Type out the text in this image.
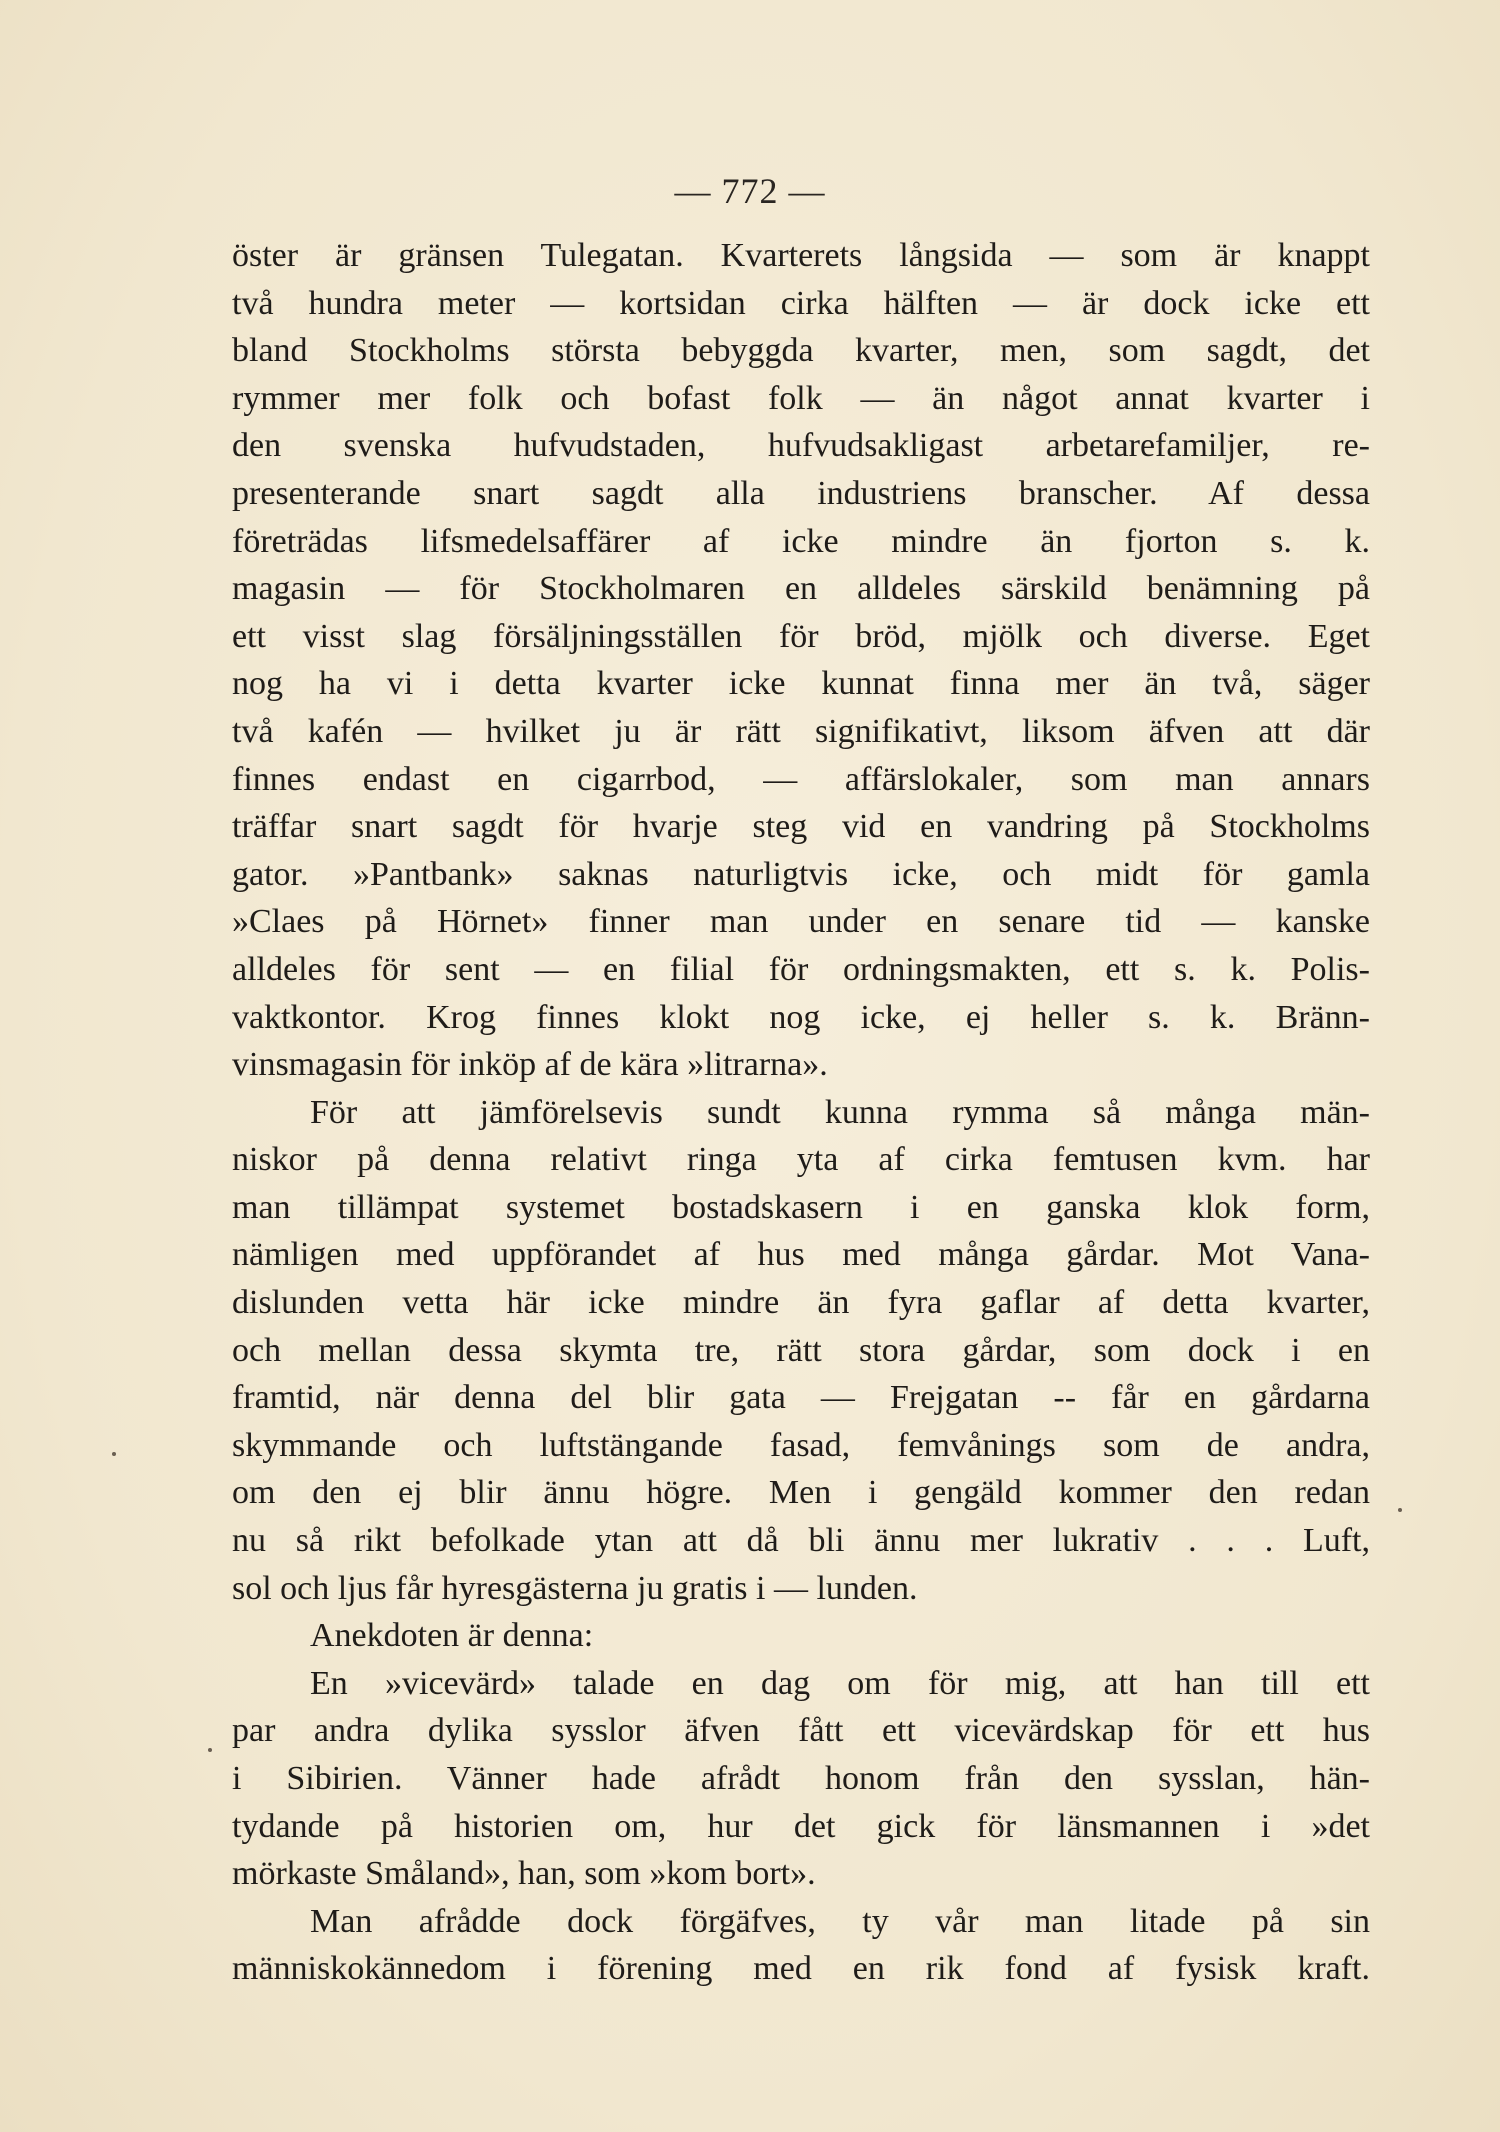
— 772 —
öster är gränsen Tulegatan. Kvarterets långsida — som är knappt
två hundra meter — kortsidan cirka hälften — är dock icke ett
bland Stockholms största bebyggda kvarter, men, som sagdt, det
rymmer mer folk och bofast folk — än något annat kvarter i
den svenska hufvudstaden, hufvudsakligast arbetarefamiljer, re-
presenterande snart sagdt alla industriens branscher. Af dessa
företrädas lifsmedelsaffärer af icke mindre än fjorton s. k.
magasin — för Stockholmaren en alldeles särskild benämning på
ett visst slag försäljningsställen för bröd, mjölk och diverse. Eget
nog ha vi i detta kvarter icke kunnat finna mer än två, säger
två kafén — hvilket ju är rätt signifikativt, liksom äfven att där
finnes endast en cigarrbod, — affärslokaler, som man annars
träffar snart sagdt för hvarje steg vid en vandring på Stockholms
gator. »Pantbank» saknas naturligtvis icke, och midt för gamla
»Claes på Hörnet» finner man under en senare tid — kanske
alldeles för sent — en filial för ordningsmakten, ett s. k. Polis-
vaktkontor. Krog finnes klokt nog icke, ej heller s. k. Bränn-
vinsmagasin för inköp af de kära »litrarna».
För att jämförelsevis sundt kunna rymma så många män-
niskor på denna relativt ringa yta af cirka femtusen kvm. har
man tillämpat systemet bostadskasern i en ganska klok form,
nämligen med uppförandet af hus med många gårdar. Mot Vana-
dislunden vetta här icke mindre än fyra gaflar af detta kvarter,
och mellan dessa skymta tre, rätt stora gårdar, som dock i en
framtid, när denna del blir gata — Frejgatan -- får en gårdarna
skymmande och luftstängande fasad, femvånings som de andra,
om den ej blir ännu högre. Men i gengäld kommer den redan
nu så rikt befolkade ytan att då bli ännu mer lukrativ . . . Luft,
sol och ljus får hyresgästerna ju gratis i — lunden.
Anekdoten är denna:
En »vicevärd» talade en dag om för mig, att han till ett
par andra dylika sysslor äfven fått ett vicevärdskap för ett hus
i Sibirien. Vänner hade afrådt honom från den sysslan, hän-
tydande på historien om, hur det gick för länsmannen i »det
mörkaste Småland», han, som »kom bort».
Man afrådde dock förgäfves, ty vår man litade på sin
människokännedom i förening med en rik fond af fysisk kraft.
